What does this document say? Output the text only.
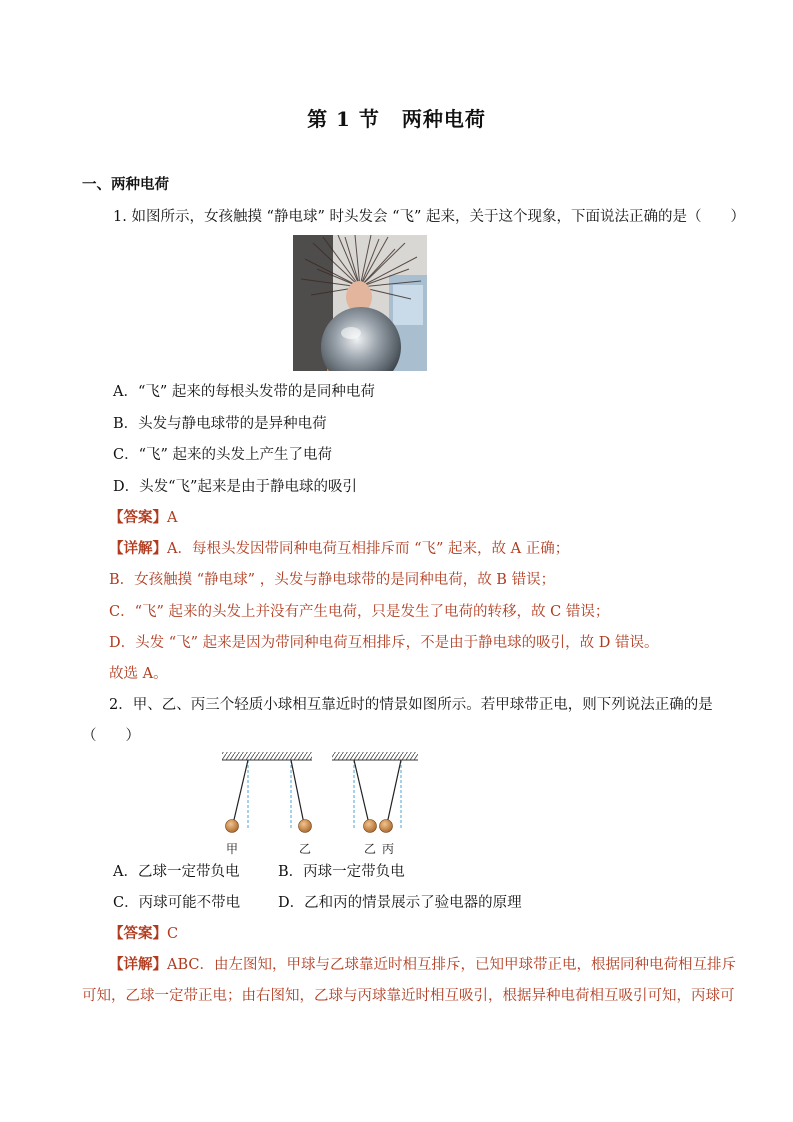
第 1 节 两种电荷
一、两种电荷
1. 如图所示，女孩触摸 “静电球” 时头发会 “飞” 起来，关于这个现象，下面说法正确的是（　　）
A．“飞” 起来的每根头发带的是同种电荷
B．头发与静电球带的是异种电荷
C．“飞” 起来的头发上产生了电荷
D．头发“飞”起来是由于静电球的吸引
【答案】A
【详解】A．每根头发因带同种电荷互相排斥而 “飞” 起来，故 A 正确；
B．女孩触摸 “静电球” ，头发与静电球带的是同种电荷，故 B 错误；
C．“飞” 起来的头发上并没有产生电荷，只是发生了电荷的转移，故 C 错误；
D．头发 “飞” 起来是因为带同种电荷互相排斥，不是由于静电球的吸引，故 D 错误。
故选 A。
2．甲、乙、丙三个轻质小球相互靠近时的情景如图所示。若甲球带正电，则下列说法正确的是
（　　）
甲	乙	乙 丙
A．乙球一定带负电	B．丙球一定带负电
C．丙球可能不带电	D．乙和丙的情景展示了验电器的原理
【答案】C
【详解】ABC．由左图知，甲球与乙球靠近时相互排斥，已知甲球带正电，根据同种电荷相互排斥
可知，乙球一定带正电；由右图知，乙球与丙球靠近时相互吸引，根据异种电荷相互吸引可知，丙球可
